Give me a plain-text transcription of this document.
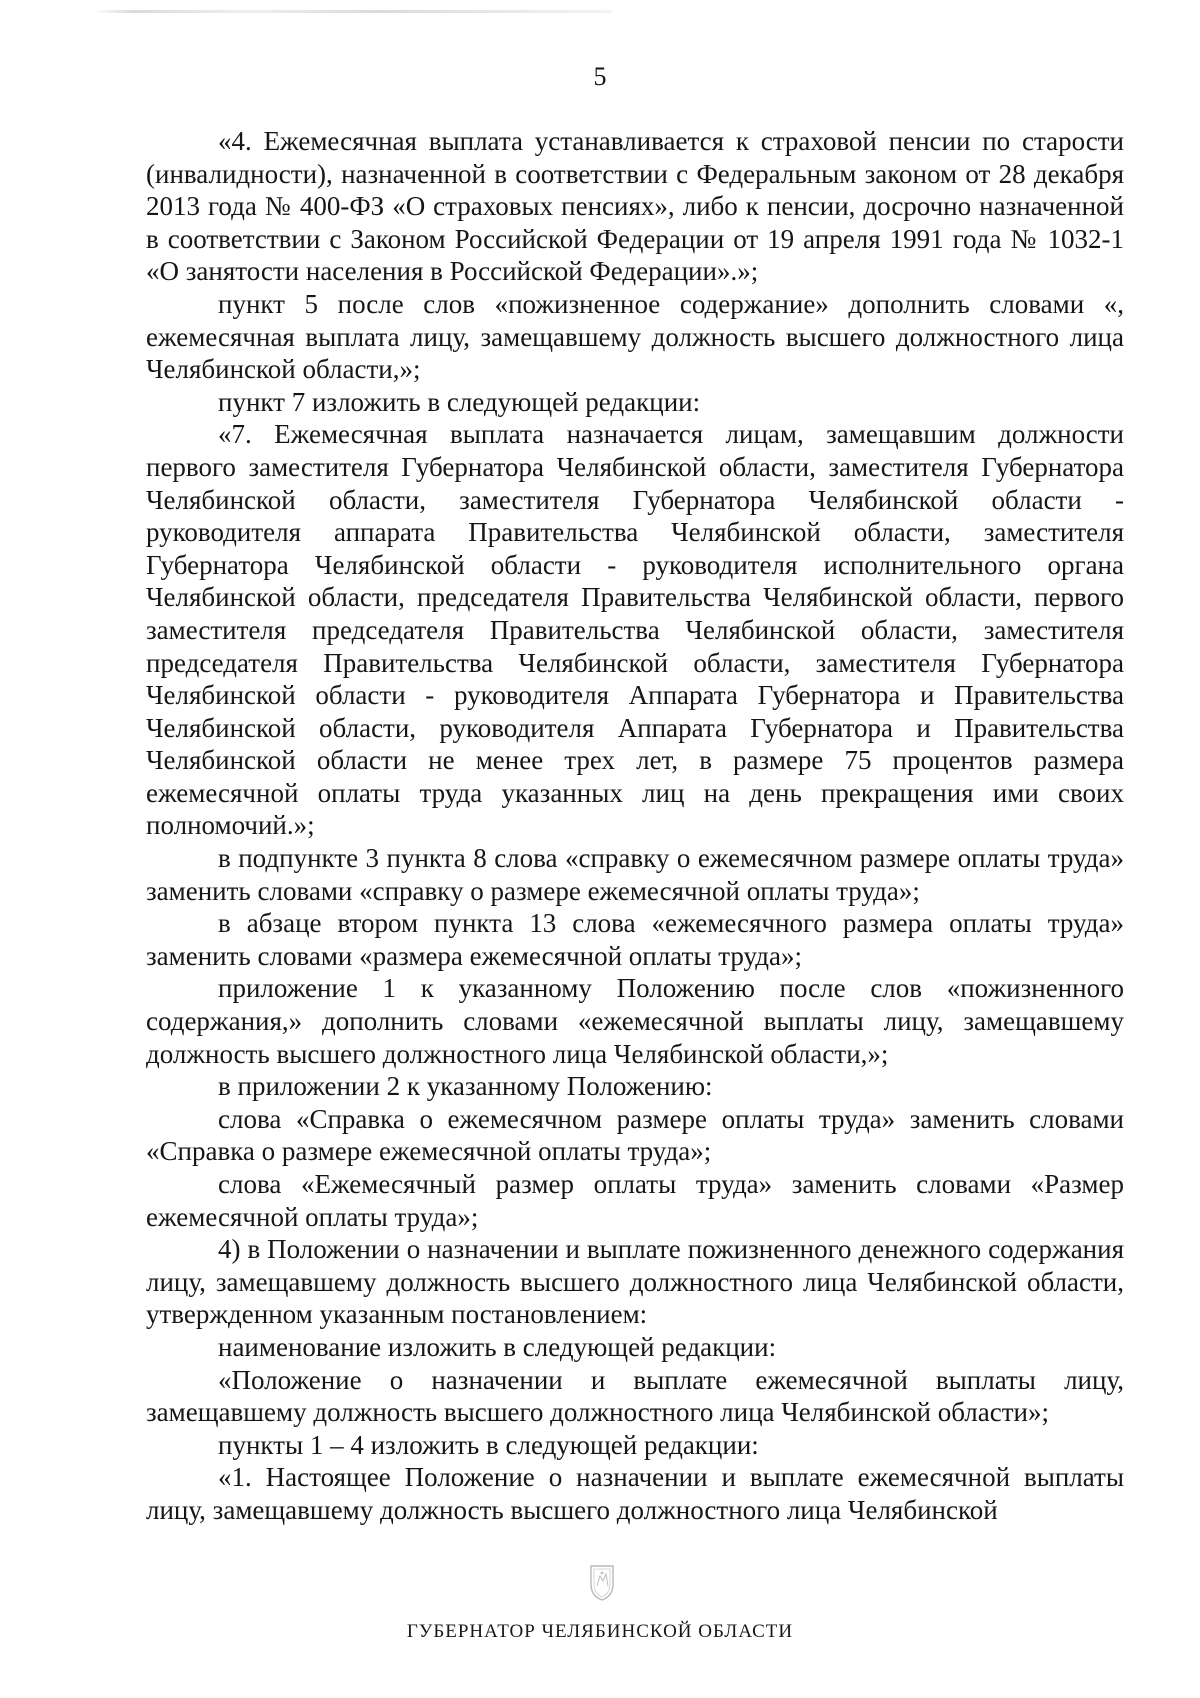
5

«4. Ежемесячная выплата устанавливается к страховой пенсии по старости (инвалидности), назначенной в соответствии с Федеральным законом от 28 декабря 2013 года № 400-ФЗ «О страховых пенсиях», либо к пенсии, досрочно назначенной в соответствии с Законом Российской Федерации от 19 апреля 1991 года № 1032-1 «О занятости населения в Российской Федерации».»;

пункт 5 после слов «пожизненное содержание» дополнить словами «, ежемесячная выплата лицу, замещавшему должность высшего должностного лица Челябинской области,»;

пункт 7 изложить в следующей редакции:

«7. Ежемесячная выплата назначается лицам, замещавшим должности первого заместителя Губернатора Челябинской области, заместителя Губернатора Челябинской области, заместителя Губернатора Челябинской области - руководителя аппарата Правительства Челябинской области, заместителя Губернатора Челябинской области - руководителя исполнительного органа Челябинской области, председателя Правительства Челябинской области, первого заместителя председателя Правительства Челябинской области, заместителя председателя Правительства Челябинской области, заместителя Губернатора Челябинской области - руководителя Аппарата Губернатора и Правительства Челябинской области, руководителя Аппарата Губернатора и Правительства Челябинской области не менее трех лет, в размере 75 процентов размера ежемесячной оплаты труда указанных лиц на день прекращения ими своих полномочий.»;

в подпункте 3 пункта 8 слова «справку о ежемесячном размере оплаты труда» заменить словами «справку о размере ежемесячной оплаты труда»;

в абзаце втором пункта 13 слова «ежемесячного размера оплаты труда» заменить словами «размера ежемесячной оплаты труда»;

приложение 1 к указанному Положению после слов «пожизненного содержания,» дополнить словами «ежемесячной выплаты лицу, замещавшему должность высшего должностного лица Челябинской области,»;

в приложении 2 к указанному Положению:

слова «Справка о ежемесячном размере оплаты труда» заменить словами «Справка о размере ежемесячной оплаты труда»;

слова «Ежемесячный размер оплаты труда» заменить словами «Размер ежемесячной оплаты труда»;

4) в Положении о назначении и выплате пожизненного денежного содержания лицу, замещавшему должность высшего должностного лица Челябинской области, утвержденном указанным постановлением:

наименование изложить в следующей редакции:

«Положение о назначении и выплате ежемесячной выплаты лицу, замещавшему должность высшего должностного лица Челябинской области»;

пункты 1 – 4 изложить в следующей редакции:

«1. Настоящее Положение о назначении и выплате ежемесячной выплаты лицу, замещавшему должность высшего должностного лица Челябинской

ГУБЕРНАТОР ЧЕЛЯБИНСКОЙ ОБЛАСТИ
